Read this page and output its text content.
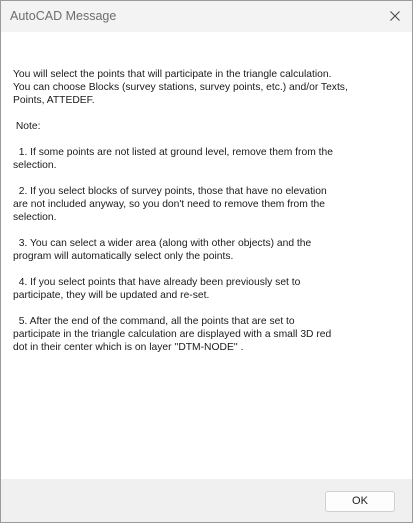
AutoCAD Message

You will select the points that will participate in the triangle calculation.
You can choose Blocks (survey stations, survey points, etc.) and/or Texts,
Points, ATTEDEF.

Note:

1. If some points are not listed at ground level, remove them from the
selection.

2. If you select blocks of survey points, those that have no elevation
are not included anyway, so you don't need to remove them from the
selection.

3. You can select a wider area (along with other objects) and the
program will automatically select only the points.

4. If you select points that have already been previously set to
participate, they will be updated and re-set.

5. After the end of the command, all the points that are set to
participate in the triangle calculation are displayed with a small 3D red
dot in their center which is on layer ''DTM-NODE'' .

OK
